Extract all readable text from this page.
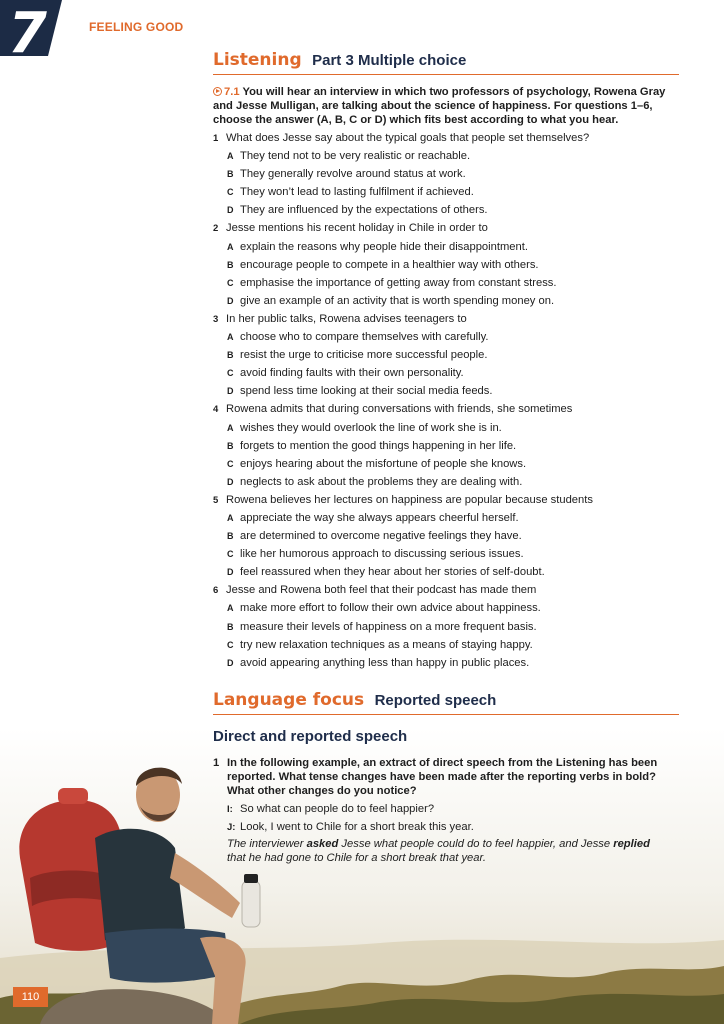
7	FEELING GOOD
Listening Part 3 Multiple choice
7.1 You will hear an interview in which two professors of psychology, Rowena Gray and Jesse Mulligan, are talking about the science of happiness. For questions 1–6, choose the answer (A, B, C or D) which fits best according to what you hear.
1 What does Jesse say about the typical goals that people set themselves?
A They tend not to be very realistic or reachable.
B They generally revolve around status at work.
C They won’t lead to lasting fulfilment if achieved.
D They are influenced by the expectations of others.
2 Jesse mentions his recent holiday in Chile in order to
A explain the reasons why people hide their disappointment.
B encourage people to compete in a healthier way with others.
C emphasise the importance of getting away from constant stress.
D give an example of an activity that is worth spending money on.
3 In her public talks, Rowena advises teenagers to
A choose who to compare themselves with carefully.
B resist the urge to criticise more successful people.
C avoid finding faults with their own personality.
D spend less time looking at their social media feeds.
4 Rowena admits that during conversations with friends, she sometimes
A wishes they would overlook the line of work she is in.
B forgets to mention the good things happening in her life.
C enjoys hearing about the misfortune of people she knows.
D neglects to ask about the problems they are dealing with.
5 Rowena believes her lectures on happiness are popular because students
A appreciate the way she always appears cheerful herself.
B are determined to overcome negative feelings they have.
C like her humorous approach to discussing serious issues.
D feel reassured when they hear about her stories of self-doubt.
6 Jesse and Rowena both feel that their podcast has made them
A make more effort to follow their own advice about happiness.
B measure their levels of happiness on a more frequent basis.
C try new relaxation techniques as a means of staying happy.
D avoid appearing anything less than happy in public places.
Language focus Reported speech
Direct and reported speech
1 In the following example, an extract of direct speech from the Listening has been reported. What tense changes have been made after the reporting verbs in bold? What other changes do you notice?
I: So what can people do to feel happier?
J: Look, I went to Chile for a short break this year.
The interviewer asked Jesse what people could do to feel happier, and Jesse replied that he had gone to Chile for a short break that year.
110
